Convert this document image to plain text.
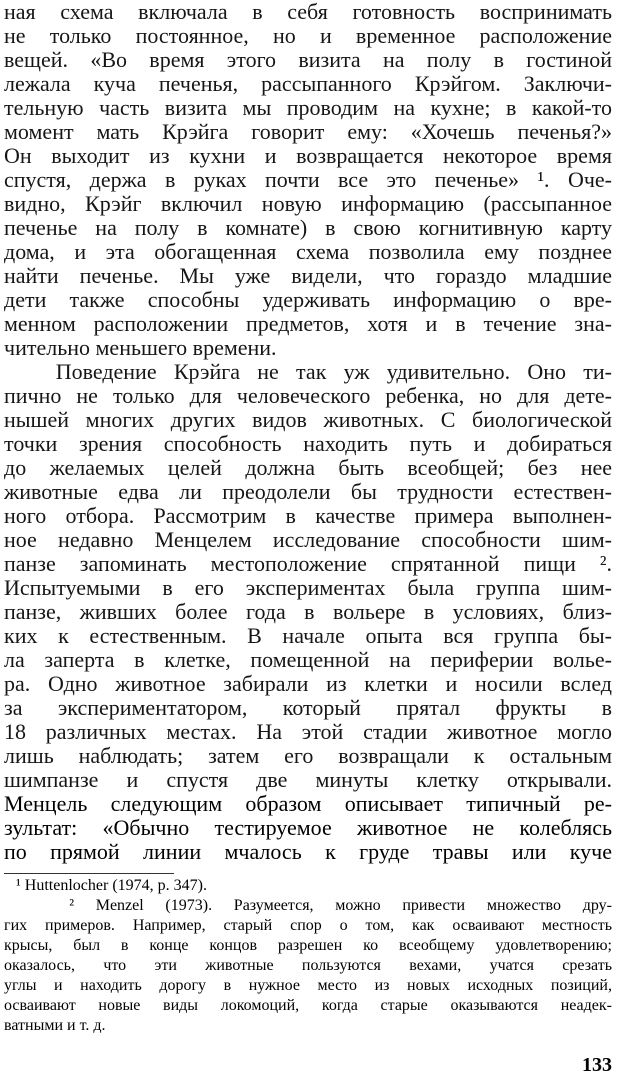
ная схема включала в себя готовность воспринимать
не только постоянное, но и временное расположение
вещей. «Во время этого визита на полу в гостиной
лежала куча печенья, рассыпанного Крэйгом. Заключи-
тельную часть визита мы проводим на кухне; в какой-то
момент мать Крэйга говорит ему: «Хочешь печенья?»
Он выходит из кухни и возвращается некоторое время
спустя, держа в руках почти все это печенье» ¹. Оче-
видно, Крэйг включил новую информацию (рассыпанное
печенье на полу в комнате) в свою когнитивную карту
дома, и эта обогащенная схема позволила ему позднее
найти печенье. Мы уже видели, что гораздо младшие
дети также способны удерживать информацию о вре-
менном расположении предметов, хотя и в течение зна-
чительно меньшего времени.
Поведение Крэйга не так уж удивительно. Оно ти-
пично не только для человеческого ребенка, но для дете-
нышей многих других видов животных. С биологической
точки зрения способность находить путь и добираться
до желаемых целей должна быть всеобщей; без нее
животные едва ли преодолели бы трудности естествен-
ного отбора. Рассмотрим в качестве примера выполнен-
ное недавно Менцелем исследование способности шим-
панзе запоминать местоположение спрятанной пищи ².
Испытуемыми в его экспериментах была группа шим-
панзе, живших более года в вольере в условиях, близ-
ких к естественным. В начале опыта вся группа бы-
ла заперта в клетке, помещенной на периферии волье-
ра. Одно животное забирали из клетки и носили вслед
за экспериментатором, который прятал фрукты в
18 различных местах. На этой стадии животное могло
лишь наблюдать; затем его возвращали к остальным
шимпанзе и спустя две минуты клетку открывали.
Менцель следующим образом описывает типичный ре-
зультат: «Обычно тестируемое животное не колеблясь
по прямой линии мчалось к груде травы или куче
¹ Huttenlocher (1974, p. 347).
² Menzel (1973). Разумеется, можно привести множество дру-
гих примеров. Например, старый спор о том, как осваивают местность
крысы, был в конце концов разрешен ко всеобщему удовлетворению;
оказалось, что эти животные пользуются вехами, учатся срезать
углы и находить дорогу в нужное место из новых исходных позиций,
осваивают новые виды локомоций, когда старые оказываются неадек-
ватными и т. д.
133
